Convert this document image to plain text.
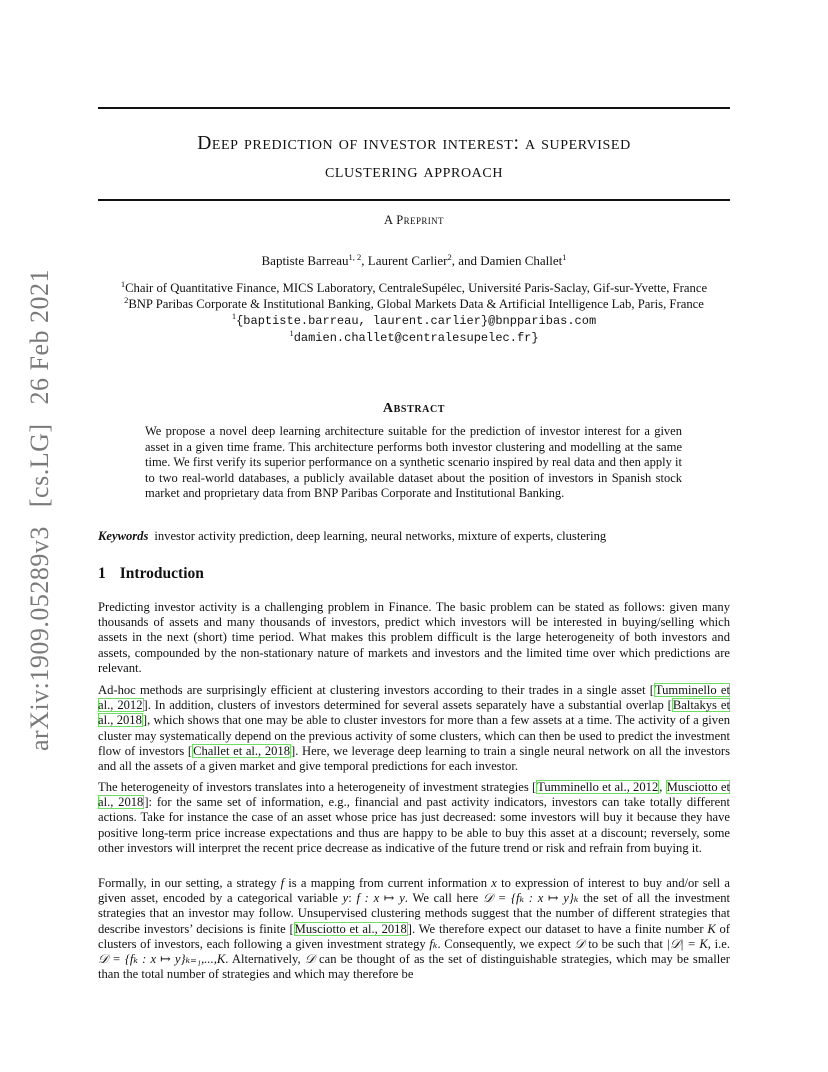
arXiv:1909.05289v3 [cs.LG] 26 Feb 2021
Deep prediction of investor interest: a supervised
clustering approach
A Preprint
Baptiste Barreau$^{1, 2}$, Laurent Carlier$^2$, and Damien Challet$^1$
$^1$Chair of Quantitative Finance, MICS Laboratory, CentraleSupélec, Université Paris-Saclay, Gif-sur-Yvette, France
$^2$BNP Paribas Corporate & Institutional Banking, Global Markets Data & Artificial Intelligence Lab, Paris, France
$^1${baptiste.barreau, laurent.carlier}@bnpparibas.com
$^1$damien.challet@centralesupelec.fr}
Abstract
We propose a novel deep learning architecture suitable for the prediction of investor interest for a given asset in a given time frame. This architecture performs both investor clustering and modelling at the same time. We first verify its superior performance on a synthetic scenario inspired by real data and then apply it to two real-world databases, a publicly available dataset about the position of investors in Spanish stock market and proprietary data from BNP Paribas Corporate and Institutional Banking.
Keywords investor activity prediction, deep learning, neural networks, mixture of experts, clustering
1 Introduction
Predicting investor activity is a challenging problem in Finance. The basic problem can be stated as follows: given many thousands of assets and many thousands of investors, predict which investors will be interested in buying/selling which assets in the next (short) time period. What makes this problem difficult is the large heterogeneity of both investors and assets, compounded by the non-stationary nature of markets and investors and the limited time over which predictions are relevant.
Ad-hoc methods are surprisingly efficient at clustering investors according to their trades in a single asset [Tumminello et al., 2012]. In addition, clusters of investors determined for several assets separately have a substantial overlap [Baltakys et al., 2018], which shows that one may be able to cluster investors for more than a few assets at a time. The activity of a given cluster may systematically depend on the previous activity of some clusters, which can then be used to predict the investment flow of investors [Challet et al., 2018]. Here, we leverage deep learning to train a single neural network on all the investors and all the assets of a given market and give temporal predictions for each investor.
The heterogeneity of investors translates into a heterogeneity of investment strategies [Tumminello et al., 2012, Musciotto et al., 2018]: for the same set of information, e.g., financial and past activity indicators, investors can take totally different actions. Take for instance the case of an asset whose price has just decreased: some investors will buy it because they have positive long-term price increase expectations and thus are happy to be able to buy this asset at a discount; reversely, some other investors will interpret the recent price decrease as indicative of the future trend or risk and refrain from buying it.
Formally, in our setting, a strategy f is a mapping from current information x to expression of interest to buy and/or sell a given asset, encoded by a categorical variable y: f : x ↦ y. We call here 𝒟 = {fₖ : x ↦ y}ₖ the set of all the investment strategies that an investor may follow. Unsupervised clustering methods suggest that the number of different strategies that describe investors’ decisions is finite [Musciotto et al., 2018]. We therefore expect our dataset to have a finite number K of clusters of investors, each following a given investment strategy fₖ. Consequently, we expect 𝒟 to be such that |𝒟| = K, i.e. 𝒟 = {fₖ : x ↦ y}ₖ₌₁,...,K. Alternatively, 𝒟 can be thought of as the set of distinguishable strategies, which may be smaller than the total number of strategies and which may therefore be
